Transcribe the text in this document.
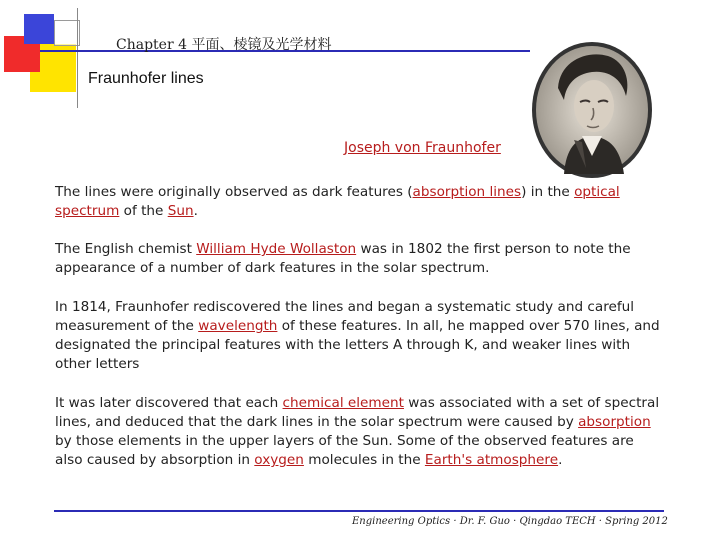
Chapter 4 平面、棱镜及光学材料
Fraunhofer lines
Joseph von Fraunhofer

The lines were originally observed as dark features (absorption lines) in the optical spectrum of the Sun.

The English chemist William Hyde Wollaston was in 1802 the first person to note the appearance of a number of dark features in the solar spectrum.

In 1814, Fraunhofer rediscovered the lines and began a systematic study and careful measurement of the wavelength of these features. In all, he mapped over 570 lines, and designated the principal features with the letters A through K, and weaker lines with other letters

It was later discovered that each chemical element was associated with a set of spectral lines, and deduced that the dark lines in the solar spectrum were caused by absorption by those elements in the upper layers of the Sun. Some of the observed features are also caused by absorption in oxygen molecules in the Earth's atmosphere.

Engineering Optics · Dr. F. Guo · Qingdao TECH · Spring 2012
